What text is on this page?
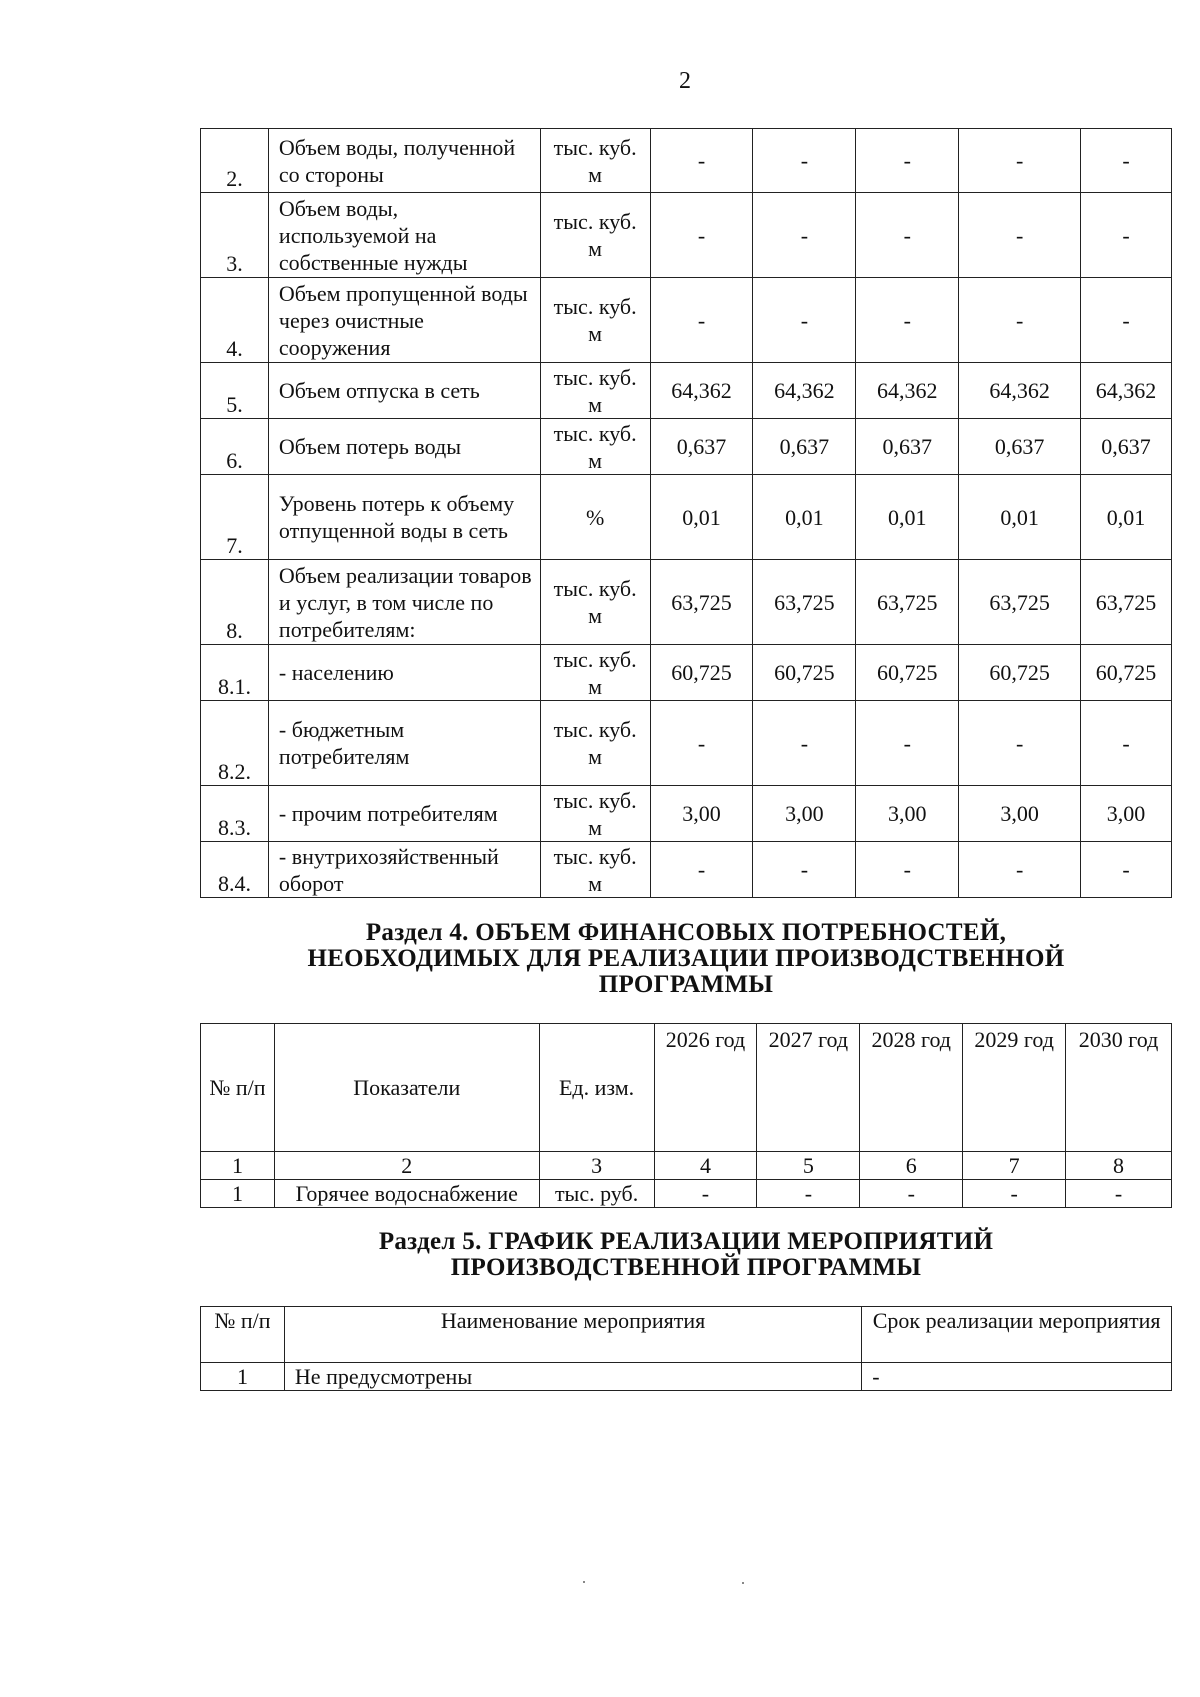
2
2.	Объем воды, полученной со стороны	тыс. куб. м	-	-	-	-	-
3.	Объем воды, используемой на собственные нужды	тыс. куб. м	-	-	-	-	-
4.	Объем пропущенной воды через очистные сооружения	тыс. куб. м	-	-	-	-	-
5.	Объем отпуска в сеть	тыс. куб. м	64,362	64,362	64,362	64,362	64,362
6.	Объем потерь воды	тыс. куб. м	0,637	0,637	0,637	0,637	0,637
7.	Уровень потерь к объему отпущенной воды в сеть	%	0,01	0,01	0,01	0,01	0,01
8.	Объем реализации товаров и услуг, в том числе по потребителям:	тыс. куб. м	63,725	63,725	63,725	63,725	63,725
8.1.	- населению	тыс. куб. м	60,725	60,725	60,725	60,725	60,725
8.2.	- бюджетным потребителям	тыс. куб. м	-	-	-	-	-
8.3.	- прочим потребителям	тыс. куб. м	3,00	3,00	3,00	3,00	3,00
8.4.	- внутрихозяйственный оборот	тыс. куб. м	-	-	-	-	-
Раздел 4. ОБЪЕМ ФИНАНСОВЫХ ПОТРЕБНОСТЕЙ,
НЕОБХОДИМЫХ ДЛЯ РЕАЛИЗАЦИИ ПРОИЗВОДСТВЕННОЙ
ПРОГРАММЫ
№ п/п	Показатели	Ед. изм.	2026 год	2027 год	2028 год	2029 год	2030 год
1	2	3	4	5	6	7	8
1	Горячее водоснабжение	тыс. руб.	-	-	-	-	-
Раздел 5. ГРАФИК РЕАЛИЗАЦИИ МЕРОПРИЯТИЙ
ПРОИЗВОДСТВЕННОЙ ПРОГРАММЫ
№ п/п	Наименование мероприятия	Срок реализации мероприятия
1	Не предусмотрены	-
